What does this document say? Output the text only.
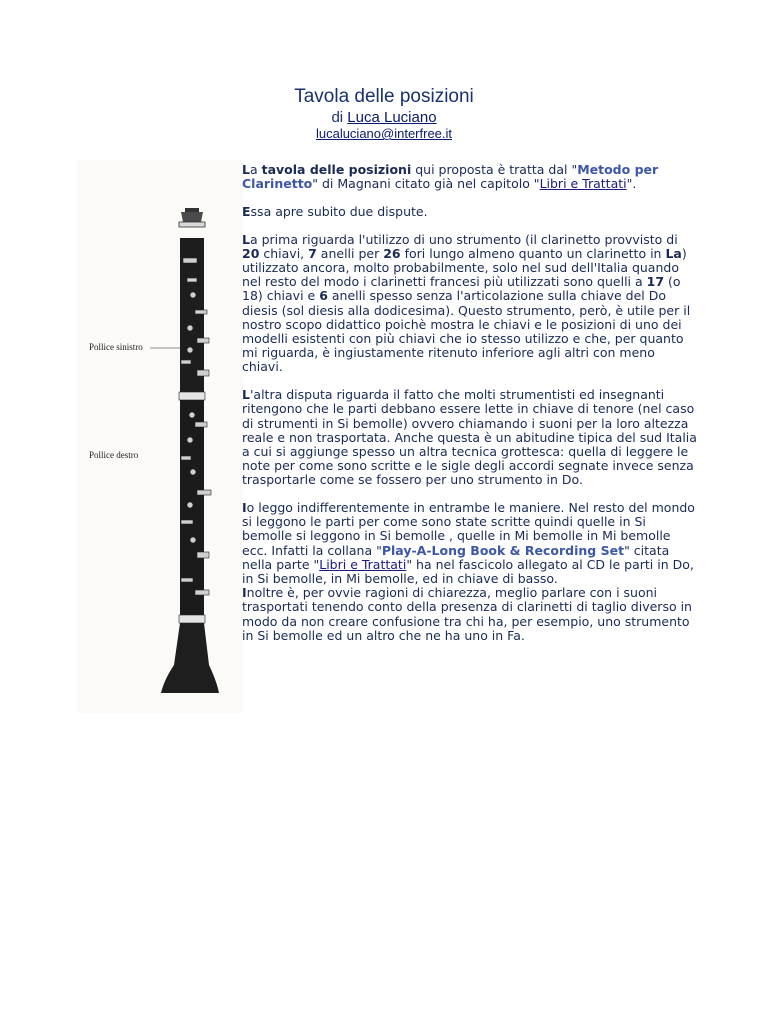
Tavola delle posizioni
di Luca Luciano
lucaluciano@interfree.it
Pollice sinistro
Pollice destro

La tavola delle posizioni qui proposta è tratta dal "Metodo per Clarinetto" di Magnani citato già nel capitolo "Libri e Trattati".

Essa apre subito due dispute.

La prima riguarda l'utilizzo di uno strumento (il clarinetto provvisto di 20 chiavi, 7 anelli per 26 fori lungo almeno quanto un clarinetto in La) utilizzato ancora, molto probabilmente, solo nel sud dell'Italia quando nel resto del modo i clarinetti francesi più utilizzati sono quelli a 17 (o 18) chiavi e 6 anelli spesso senza l'articolazione sulla chiave del Do diesis (sol diesis alla dodicesima). Questo strumento, però, è utile per il nostro scopo didattico poichè mostra le chiavi e le posizioni di uno dei modelli esistenti con più chiavi che io stesso utilizzo e che, per quanto mi riguarda, è ingiustamente ritenuto inferiore agli altri con meno chiavi.

L'altra disputa riguarda il fatto che molti strumentisti ed insegnanti ritengono che le parti debbano essere lette in chiave di tenore (nel caso di strumenti in Si bemolle) ovvero chiamando i suoni per la loro altezza reale e non trasportata. Anche questa è un abitudine tipica del sud Italia a cui si aggiunge spesso un altra tecnica grottesca: quella di leggere le note per come sono scritte e le sigle degli accordi segnate invece senza trasportarle come se fossero per uno strumento in Do.

Io leggo indifferentemente in entrambe le maniere. Nel resto del mondo si leggono le parti per come sono state scritte quindi quelle in Si bemolle si leggono in Si bemolle , quelle in Mi bemolle in Mi bemolle ecc. Infatti la collana "Play-A-Long Book & Recording Set" citata nella parte "Libri e Trattati" ha nel fascicolo allegato al CD le parti in Do, in Si bemolle, in Mi bemolle, ed in chiave di basso.
Inoltre è, per ovvie ragioni di chiarezza, meglio parlare con i suoni trasportati tenendo conto della presenza di clarinetti di taglio diverso in modo da non creare confusione tra chi ha, per esempio, uno strumento in Si bemolle ed un altro che ne ha uno in Fa.
